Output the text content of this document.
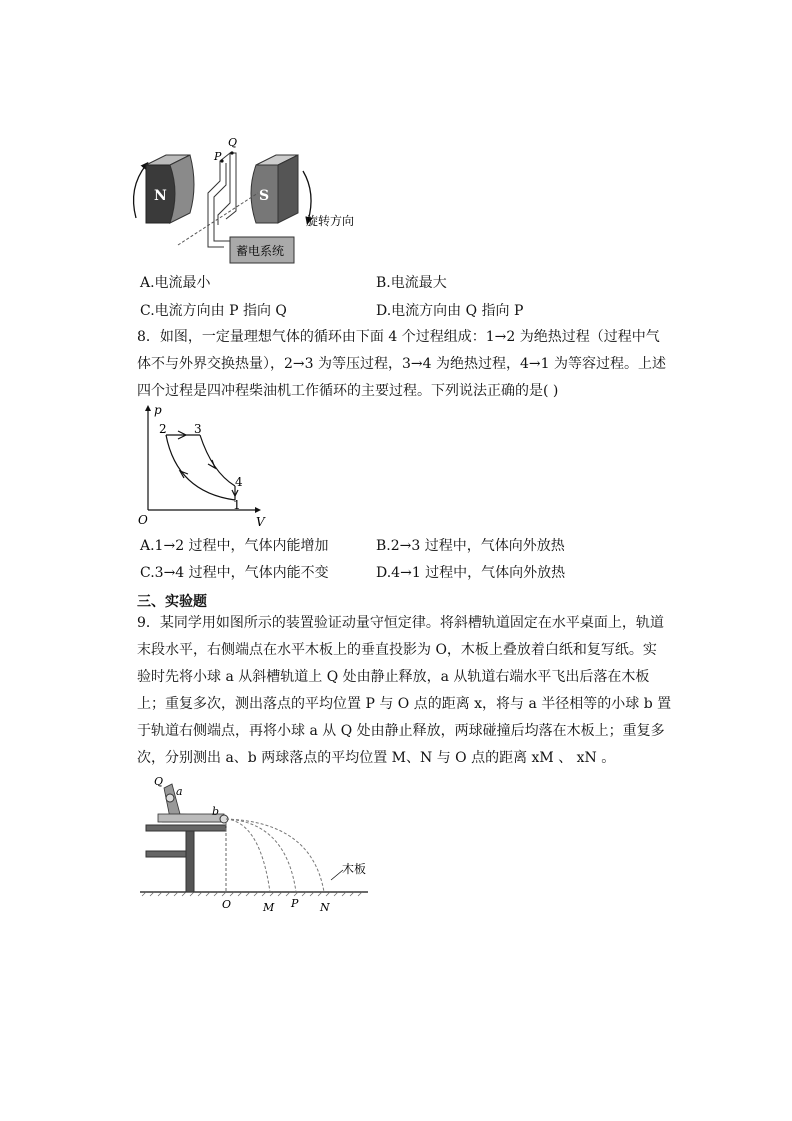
N	S
P
Q
蓄电系统
旋转方向
A.电流最小	B.电流最大
C.电流方向由 P 指向 Q	D.电流方向由 Q 指向 P
8．如图，一定量理想气体的循环由下面 4 个过程组成：1→2 为绝热过程（过程中气
体不与外界交换热量），2→3 为等压过程，3→4 为绝热过程，4→1 为等容过程。上述
四个过程是四冲程柴油机工作循环的主要过程。下列说法正确的是( )
p
V
O
2 3
4
1
A.1→2 过程中，气体内能增加	B.2→3 过程中，气体向外放热
C.3→4 过程中，气体内能不变	D.4→1 过程中，气体向外放热
三、实验题
9．某同学用如图所示的装置验证动量守恒定律。将斜槽轨道固定在水平桌面上，轨道
末段水平，右侧端点在水平木板上的垂直投影为 O，木板上叠放着白纸和复写纸。实
验时先将小球 a 从斜槽轨道上 Q 处由静止释放，a 从轨道右端水平飞出后落在木板
上；重复多次，测出落点的平均位置 P 与 O 点的距离 x，将与 a 半径相等的小球 b 置
于轨道右侧端点，再将小球 a 从 Q 处由静止释放，两球碰撞后均落在木板上；重复多
次，分别测出 a、b 两球落点的平均位置 M、N 与 O 点的距离 xM 、 xN 。
Q
a
b
O	M P N
木板
